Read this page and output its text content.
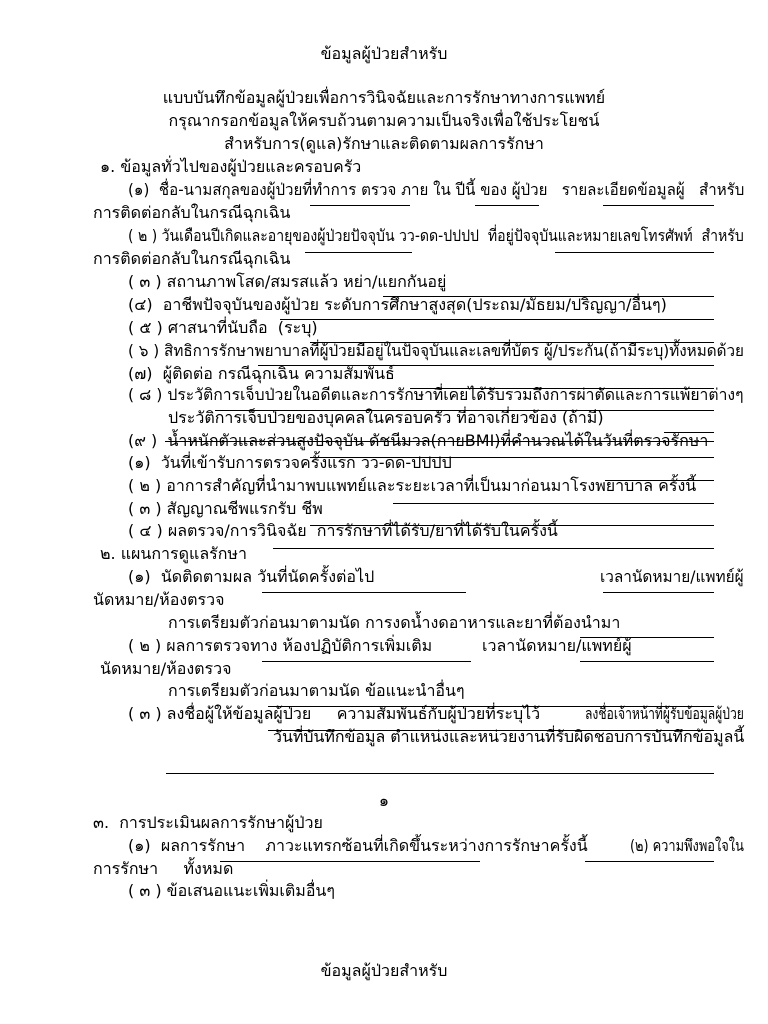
ข้อมูลผู้ป่วยสำหรับ
แบบบันทึกข้อมูลผู้ป่วยเพื่อการวินิจฉัยและการรักษาทางการแพทย์
กรุณากรอกข้อมูลให้ครบถ้วนตามความเป็นจริงเพื่อใช้ประโยชน์
สำหรับการ(ดูแล)รักษาและติดตามผลการรักษา
๑. ข้อมูลทั่วไปของผู้ป่วยและครอบครัว
(๑)  ชื่อ-นามสกุลของผู้ป่วยที่ทำการ ตรวจ ภาย ใน ปีนี้ ของ ผู้ป่วย   รายละเอียดข้อมูลผู้   สำหรับ
การติดต่อกลับในกรณีฉุกเฉิน
( ๒ ) วันเดือนปีเกิดและอายุของผู้ป่วยปัจจุบัน วว-ดด-ปปปป  ที่อยู่ปัจจุบันและหมายเลขโทรศัพท์  สำหรับ
การติดต่อกลับในกรณีฉุกเฉิน
( ๓ ) สถานภาพโสด/สมรสแล้ว หย่า/แยกกันอยู่
(๔)  อาชีพปัจจุบันของผู้ป่วย ระดับการศึกษาสูงสุด(ประถม/มัธยม/ปริญญา/อื่นๆ)
( ๕ ) ศาสนาที่นับถือ  (ระบุ)
( ๖ ) สิทธิการรักษาพยาบาลที่ผู้ป่วยมีอยู่ในปัจจุบันและเลขที่บัตร ผู้/ประกัน(ถ้ามีระบุ)ทั้งหมดด้วย
(๗)  ผู้ติดต่อ กรณีฉุกเฉิน ความสัมพันธ์
( ๘ ) ประวัติการเจ็บป่วยในอดีตและการรักษาที่เคยได้รับรวมถึงการผ่าตัดและการแพ้ยาต่างๆ
ประวัติการเจ็บป่วยของบุคคลในครอบครัว ที่อาจเกี่ยวข้อง (ถ้ามี)
(๙ )  น้ำหนักตัวและส่วนสูงปัจจุบัน ดัชนีมวล(กายBMI)ที่คำนวณได้ในวันที่ตรวจรักษา
(๑)  วันที่เข้ารับการตรวจครั้งแรก วว-ดด-ปปปป
( ๒ ) อาการสำคัญที่นำมาพบแพทย์และระยะเวลาที่เป็นมาก่อนมาโรงพยาบาล ครั้งนี้
( ๓ ) สัญญาณชีพแรกรับ ชีพ
( ๔ ) ผลตรวจ/การวินิจฉัย  การรักษาที่ได้รับ/ยาที่ได้รับในครั้งนี้
๒. แผนการดูแลรักษา
(๑)  นัดติดตามผล วันที่นัดครั้งต่อไป	เวลานัดหมาย/แพทย์ผู้
นัดหมาย/ห้องตรวจ
การเตรียมตัวก่อนมาตามนัด การงดน้ำงดอาหารและยาที่ต้องนำมา
( ๒ ) ผลการตรวจทาง ห้องปฏิบัติการเพิ่มเติม	เวลานัดหมาย/แพทย์ผู้
นัดหมาย/ห้องตรวจ
การเตรียมตัวก่อนมาตามนัด ข้อแนะนำอื่นๆ
( ๓ ) ลงชื่อผู้ให้ข้อมูลผู้ป่วย     ความสัมพันธ์กับผู้ป่วยที่ระบุไว้	ลงชื่อเจ้าหน้าที่ผู้รับข้อมูลผู้ป่วย
วันที่บันทึกข้อมูล ตำแหน่งและหน่วยงานที่รับผิดชอบการบันทึกข้อมูลนี้
๑
๓.  การประเมินผลการรักษาผู้ป่วย
(๑)  ผลการรักษา    ภาวะแทรกซ้อนที่เกิดขึ้นระหว่างการรักษาครั้งนี้	(๒) ความพึงพอใจใน
การรักษา     ทั้งหมด
( ๓ ) ข้อเสนอแนะเพิ่มเติมอื่นๆ
ข้อมูลผู้ป่วยสำหรับ
